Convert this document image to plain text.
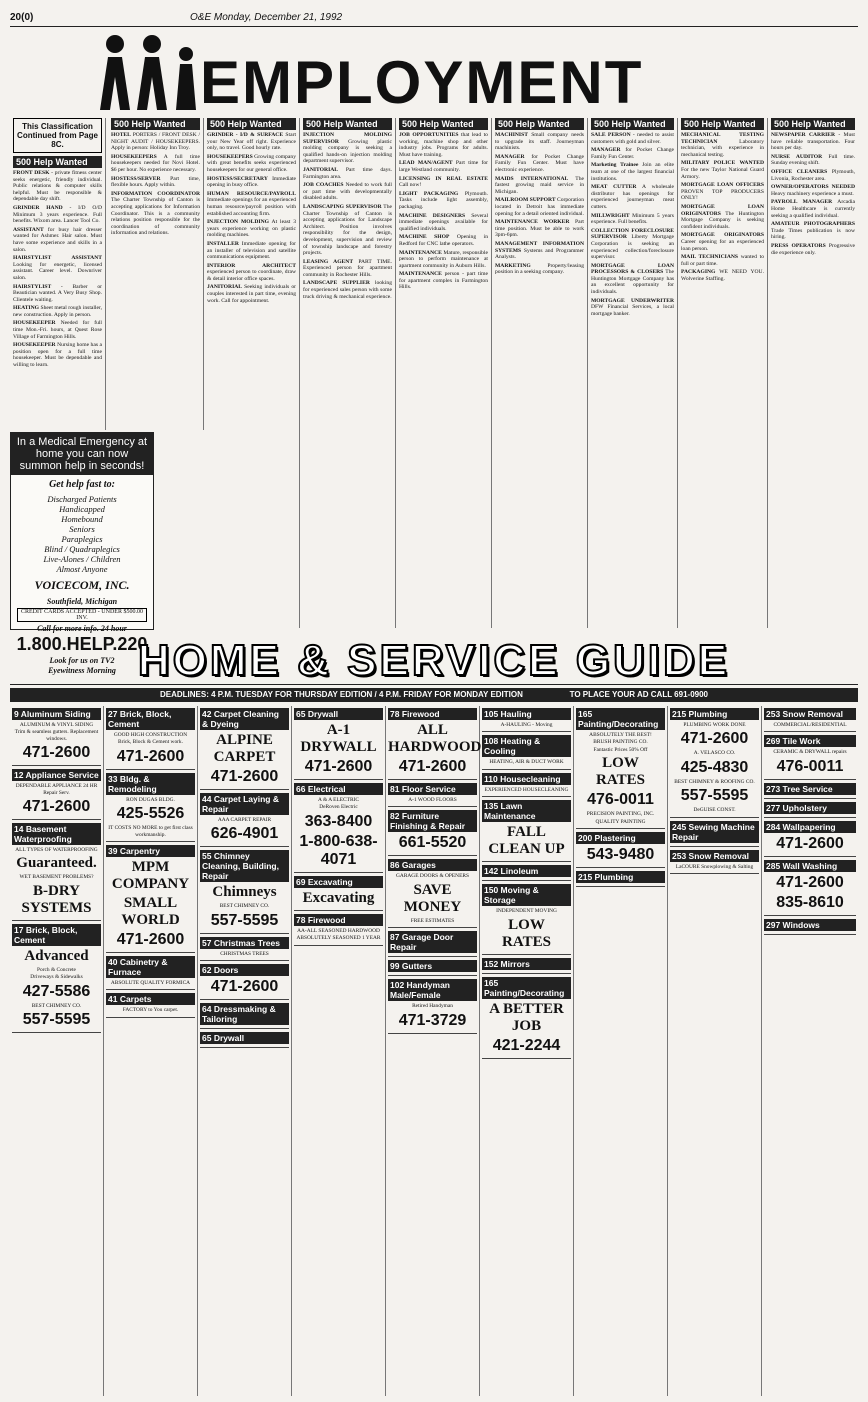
20(0)	O&E Monday, December 21, 1992
EMPLOYMENT
This Classification Continued from Page 8C.
500 Help Wanted
FRONT DESK - private fitness center seeks energetic, friendly individual. Public relations & computer skills helpful. Must be responsible & dependable day shift.
GRINDER HAND - I/D O/D Minimum 3 years experience. Full benefits. Wixom area. Lancer Tool Co.
ASSISTANT for busy hair dresser wanted for Ashmer. Hair salon. Must have some experience and skills in a salon.
HAIRSTYLIST ASSISTANT Looking for energetic, licensed assistant. Career level. Downriver salon.
HAIRSTYLIST - Barber or Beautician wanted. A Very Busy Shop. Clientele waiting.
HEATING Sheet metal rough installer, new construction. Apply in person.
HOUSEKEEPER Needed for full time Mon.-Fri. hours, at Quest Rose Village of Farmington Hills.
HOUSEKEEPER Nursing home has a position open for a full time housekeeper. Must be dependable and willing to learn.
In a Medical Emergency at home you can now summon help in seconds!
Get help fast to:
Discharged Patients
Handicapped
Homebound
Seniors
Paraplegics
Blind / Quadraplegics
Live-Alones / Children
Almost Anyone
VOICECOM, INC.
Southfield, Michigan
CREDIT CARDS ACCEPTED - UNDER $500.00 INV.
Call for more info. 24 hour
1.800.HELP.220
Look for us on TV2
Eyewitness Morning
500 Help Wanted
HOTEL PORTERS / FRONT DESK / NIGHT AUDIT / HOUSEKEEPERS. Apply in person: Holiday Inn Troy.
HOUSEKEEPERS A full time housekeepers needed for Novi Hotel. $6 per hour. No experience necessary.
HOSTESS/SERVER Part time, flexible hours. Apply within.
INFORMATION COORDINATOR The Charter Township of Canton is accepting applications for Information Coordinator. This is a community relations position responsible for the coordination of community information and relations.
500 Help Wanted
GRINDER - I/D & SURFACE Start your New Year off right. Experience only, no travel. Good hourly rate.
HOUSEKEEPERS Growing company with great benefits seeks experienced housekeepers for our general office.
HOSTESS/SECRETARY Immediate opening in busy office.
HUMAN RESOURCE/PAYROLL Immediate openings for an experienced human resource/payroll position with established accounting firm.
INJECTION MOLDING At least 3 years experience working on plastic molding machines.
INSTALLER Immediate opening for an installer of television and satellite communications equipment.
INTERIOR ARCHITECT experienced person to coordinate, draw & detail interior office spaces.
JANITORIAL Seeking individuals or couples interested in part time, evening work. Call for appointment.
500 Help Wanted
INJECTION MOLDING SUPERVISOR Growing plastic molding company is seeking a qualified hands-on injection molding department supervisor.
JANITORIAL Part time days. Farmington area.
JOB COACHES Needed to work full or part time with developmentally disabled adults.
LANDSCAPING SUPERVISOR The Charter Township of Canton is accepting applications for Landscape Architect. Position involves responsibility for the design, development, supervision and review of township landscape and forestry projects.
LEASING AGENT PART TIME. Experienced person for apartment community in Rochester Hills.
LANDSCAPE SUPPLIER looking for experienced sales person with some truck driving & mechanical experience.
500 Help Wanted
JOB OPPORTUNITIES that lead to working, machine shop and other industry jobs. Programs for adults. Must have training.
LEAD MAN/AGENT Part time for large Westland community.
LICENSING IN REAL ESTATE Call now!
LIGHT PACKAGING Plymouth. Tasks include light assembly, packaging.
MACHINE DESIGNERS Several immediate openings available for qualified individuals.
MACHINE SHOP Opening in Redford for CNC lathe operators.
MAINTENANCE Mature, responsible person to perform maintenance at apartment community in Auburn Hills.
MAINTENANCE person - part time for apartment complex in Farmington Hills.
500 Help Wanted
MACHINIST Small company needs to upgrade its staff. Journeyman machinists.
MANAGER for Pocket Change Family Fun Center. Must have electronic experience.
MAIDS INTERNATIONAL The fastest growing maid service in Michigan.
MAILROOM SUPPORT Corporation located in Detroit has immediate opening for a detail oriented individual.
MAINTENANCE WORKER Part time position. Must be able to work 3pm-6pm.
MANAGEMENT INFORMATION SYSTEMS Systems and Programmer Analysts.
MARKETING Property/leasing position in a seeking company.
500 Help Wanted
SALE PERSON - needed to assist customers with gold and silver.
MANAGER for Pocket Change Family Fun Center.
Marketing Trainee Join an elite team at one of the largest financial institutions.
MEAT CUTTER A wholesale distributor has openings for experienced journeyman meat cutters.
MILLWRIGHT Minimum 5 years experience. Full benefits.
COLLECTION FORECLOSURE SUPERVISOR Liberty Mortgage Corporation is seeking an experienced collection/foreclosure supervisor.
MORTGAGE LOAN PROCESSORS & CLOSERS The Huntington Mortgage Company has an excellent opportunity for individuals.
MORTGAGE UNDERWRITER DFW Financial Services, a local mortgage banker.
500 Help Wanted
MECHANICAL TESTING TECHNICIAN Laboratory technician, with experience in mechanical testing.
MILITARY POLICE WANTED For the new Taylor National Guard Armory.
MORTGAGE LOAN OFFICERS PROVEN TOP PRODUCERS ONLY!
MORTGAGE LOAN ORIGINATORS The Huntington Mortgage Company is seeking confident individuals.
MORTGAGE ORIGINATORS Career opening for an experienced loan person.
MAIL TECHNICIANS wanted to full or part time.
PACKAGING WE NEED YOU. Wolverine Staffing.
500 Help Wanted
NEWSPAPER CARRIER - Must have reliable transportation. Four hours per day.
NURSE AUDITOR Full time. Sunday evening shift.
OFFICE CLEANERS Plymouth, Livonia, Rochester area.
OWNER/OPERATORS NEEDED Heavy machinery experience a must.
PAYROLL MANAGER Arcadia Home Healthcare is currently seeking a qualified individual.
AMATEUR PHOTOGRAPHERS Trade Times publication is now hiring.
PRESS OPERATORS Progressive die experience only.
HOME & SERVICE GUIDE
DEADLINES: 4 P.M. TUESDAY FOR THURSDAY EDITION / 4 P.M. FRIDAY FOR MONDAY EDITION	TO PLACE YOUR AD CALL 691-0900
9 Aluminum Siding
ALUMINUM & VINYL SIDING
Trim & seamless gutters. Replacement windows.
471-2600
12 Appliance Service
DEPENDABLE APPLIANCE 24 HR Repair Serv.
471-2600
14 Basement Waterproofing
ALL TYPES OF WATERPROOFING
Guaranteed.
WET BASEMENT PROBLEMS?
B-DRY SYSTEMS
17 Brick, Block, Cement
Advanced
Porch & Concrete
Driveways & Sidewalks
427-5586
BEST CHIMNEY CO.
557-5595
27 Brick, Block, Cement
GOOD HIGH CONSTRUCTION
Brick, Block & Cement work.
471-2600
33 Bldg. & Remodeling
RON DUGAS BLDG.
425-5526
IT COSTS NO MORE to get first class workmanship.
39 Carpentry
MPM COMPANY
SMALL WORLD
471-2600
40 Cabinetry & Furnace
ABSOLUTE QUALITY FORMICA
41 Carpets
FACTORY to You carpet.
42 Carpet Cleaning & Dyeing
ALPINE CARPET
471-2600
44 Carpet Laying & Repair
AAA CARPET REPAIR
626-4901
55 Chimney Cleaning, Building, Repair
Chimneys
BEST CHIMNEY CO.
557-5595
57 Christmas Trees
CHRISTMAS TREES
62 Doors
471-2600
64 Dressmaking & Tailoring
65 Drywall
65 Drywall
A-1 DRYWALL
471-2600
66 Electrical
A & A ELECTRIC
DeRoven Electric
363-8400
1-800-638-4071
69 Excavating
Excavating
78 Firewood
AA-ALL SEASONED HARDWOOD
ABSOLUTELY SEASONED 1 YEAR
78 Firewood
ALL HARDWOOD
471-2600
81 Floor Service
A-1 WOOD FLOORS
82 Furniture Finishing & Repair
661-5520
86 Garages
GARAGE DOORS & OPENERS
SAVE MONEY
FREE ESTIMATES
87 Garage Door Repair
99 Gutters
102 Handyman Male/Female
Retired Handyman
471-3729
105 Hauling
A-HAULING - Moving
108 Heating & Cooling
HEATING, AIR & DUCT WORK
110 Housecleaning
EXPERIENCED HOUSECLEANING
135 Lawn Maintenance
FALL CLEAN UP
142 Linoleum
150 Moving & Storage
INDEPENDENT MOVING
LOW RATES
152 Mirrors
165 Painting/Decorating
A BETTER JOB
421-2244
165 Painting/Decorating
ABSOLUTELY THE BEST!
BRUSH PAINTING CO.
Fantastic Prices 50% Off
LOW RATES
476-0011
PRECISION PAINTING, INC.
QUALITY PAINTING
200 Plastering
543-9480
215 Plumbing
215 Plumbing
PLUMBING WORK DONE
471-2600
A. VELASCO CO.
425-4830
BEST CHIMNEY & ROOFING CO.
557-5595
DeGUISE CONST.
245 Sewing Machine Repair
253 Snow Removal
LaCOURE Snowplowing & Salting
253 Snow Removal
COMMERCIAL/RESIDENTIAL
269 Tile Work
CERAMIC & DRYWALL repairs
476-0011
273 Tree Service
277 Upholstery
284 Wallpapering
471-2600
285 Wall Washing
471-2600
835-8610
297 Windows
